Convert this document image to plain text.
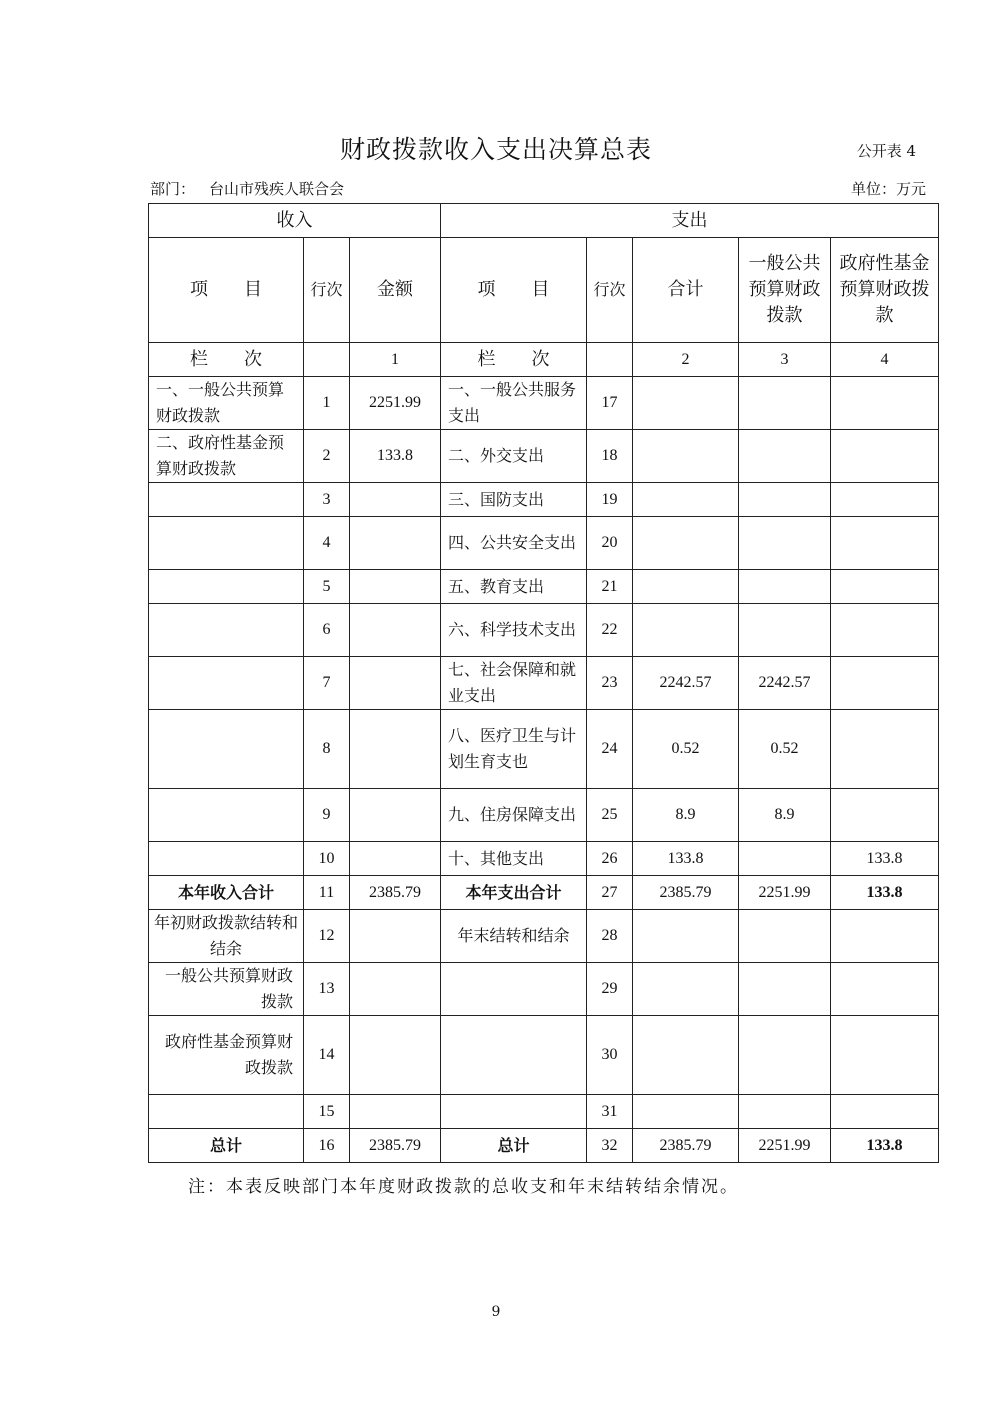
财政拨款收入支出决算总表	公开表 4
部门： 台山市残疾人联合会	单位：万元
收入			支出				
项　　目	行次	金额	项　　目	行次	合计	一般公共预算财政拨款	政府性基金预算财政拨款
栏　　次		1	栏　　次		2	3	4
一、一般公共预算财政拨款	1	2251.99	一、一般公共服务支出	17			
二、政府性基金预算财政拨款	2	133.8	二、外交支出	18			
	3		三、国防支出	19			
	4		四、公共安全支出	20			
	5		五、教育支出	21			
	6		六、科学技术支出	22			
	7		七、社会保障和就业支出	23	2242.57	2242.57	
	8		八、医疗卫生与计划生育支也	24	0.52	0.52	
	9		九、住房保障支出	25	8.9	8.9	
	10		十、其他支出	26	133.8		133.8
本年收入合计	11	2385.79	本年支出合计	27	2385.79	2251.99	133.8
年初财政拨款结转和结余	12		年末结转和结余	28			
一般公共预算财政拨款	13			29			
政府性基金预算财政拨款	14			30			
	15			31			
总计	16	2385.79	总计	32	2385.79	2251.99	133.8
注：本表反映部门本年度财政拨款的总收支和年末结转结余情况。
9
